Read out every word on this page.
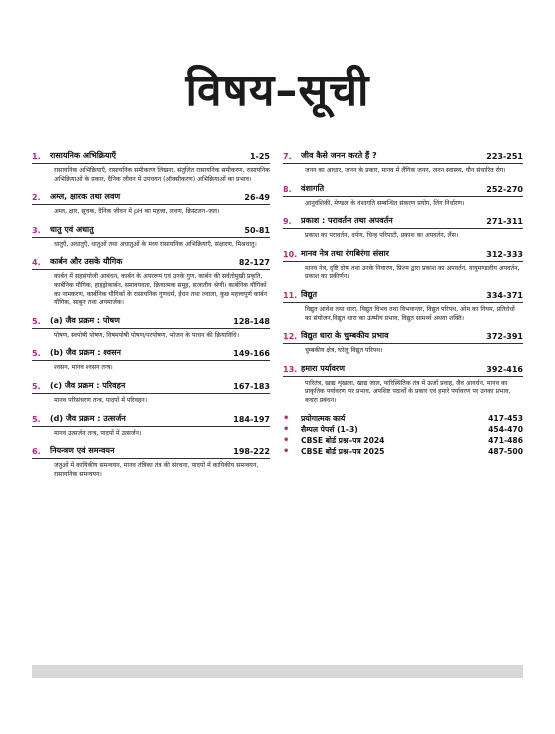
विषय–सूची
1.	रासायनिक अभिक्रियाएँ	1-25
रासायनिक अभिक्रियाएँ, रासायनिक समीकरण लिखना, संतुलित रासायनिक समीकरण, रासायनिक अभिक्रियाओं के प्रकार, दैनिक जीवन में उपचयन (ऑक्सीकरण) अभिक्रियाओं का प्रभाव।
2.	अम्ल, क्षारक तथा लवण	26-49
अम्ल, क्षार, सूचक, दैनिक जीवन में pH का महत्त्व, लवण, क्रिस्टलन–जल।
3.	धातु एवं अधातु	50-81
धातुएँ, अधातुएँ, धातुओं तथा अधातुओं के मध्य रासायनिक अभिक्रियाएँ, संक्षारण, मिश्रधातु।
4.	कार्बन और उसके यौगिक	82-127
कार्बन में सहसंयोजी आबंधन, कार्बन के अपररूप एवं उनके गुण, कार्बन की सर्वतोमुखी प्रकृति, कार्बनिक यौगिक, हाइड्रोकार्बन, समावयवता, क्रियात्मक समूह, सजातीय श्रेणी। कार्बनिक यौगिकों का नामकरण, कार्बनिक यौगिकों के रासायनिक गुणधर्म, ईंधन तथा ज्वाला, कुछ महत्त्वपूर्ण कार्बन यौगिक, साबुन तथा अपमार्जक।
5.	(a) जैव प्रक्रम : पोषण	128-148
पोषण, स्वपोषी पोषण, विषमपोषी पोषण/परपोषण, भोजन के पाचन की क्रियाविधि।
5.	(b) जैव प्रक्रम : श्वसन	149-166
श्वसन, मानव श्वसन तन्त्र।
5.	(c) जैव प्रक्रम : परिवहन	167-183
मानव परिसंचरण तन्त्र, पादपों में परिवहन।
5.	(d) जैव प्रक्रम : उत्सर्जन	184-197
मानव उत्सर्जन तन्त्र, पादपों में उत्सर्जन।
6.	नियन्त्रण एवं समन्वयन	198-222
जंतुओं में कायिकीय समन्वयन, मानव तंत्रिका तंत्र की संरचना, पादपों में कायिकीय समन्वयन, रासायनिक समन्वयन।
7.	जीव कैसे जनन करते हैं ?	223-251
जनन का आधार, जनन के प्रकार, मानव में लैंगिक जनन, जनन स्वास्थ्य, यौन संचारित रोग।
8.	वंशागति	252-270
आनुवंशिकी, मेण्डल के वंशागति सम्बन्धित संकरण प्रयोग, लिंग निर्धारण।
9.	प्रकाश : परावर्तन तथा अपवर्तन	271-311
प्रकाश का परावर्तन, दर्पण, चिन्ह परिपाटी, प्रकाश का अपवर्तन, लैंस।
10. मानव नेत्र तथा रंगबिरंगा संसार	312-333
मानव नेत्र, दृष्टि दोष तथा उनके निवारण, प्रिज्म द्वारा प्रकाश का अपवर्तन, वायुमण्डलीय अपवर्तन, प्रकाश का प्रकीर्णन।
11. विद्युत	334-371
विद्युत आवेश तथा धारा, विद्युत विभव तथा विभवान्तर, विद्युत परिपथ, ओम का नियम, प्रतिरोधों का संयोजन,विद्युत धारा का ऊष्मीय प्रभाव, विद्युत सामर्थ्य अथवा शक्ति।
12. विद्युत धारा के चुम्बकीय प्रभाव	372-391
चुम्बकीय क्षेत्र, घरेलू विद्युत परिपथ।
13. हमारा पर्यावरण	392-416
पारितंत्र, खाद्य शृंखला, खाद्य जाल, पारिस्थितिक तंत्र में ऊर्जा प्रवाह, जैव आवर्धन, मानव का प्राकृतिक पर्यावरण पर प्रभाव, अपशिष्ट पदार्थों के प्रकार एवं हमारे पर्यावरण पर उनका प्रभाव, कचरा प्रबंधन।
•	प्रयोगात्मक कार्य	417-453
•	सैम्पल पेपर्स (1-3)	454-470
•	CBSE बोर्ड प्रश्न–पत्र 2024	471-486
•	CBSE बोर्ड प्रश्न–पत्र 2025	487-500
